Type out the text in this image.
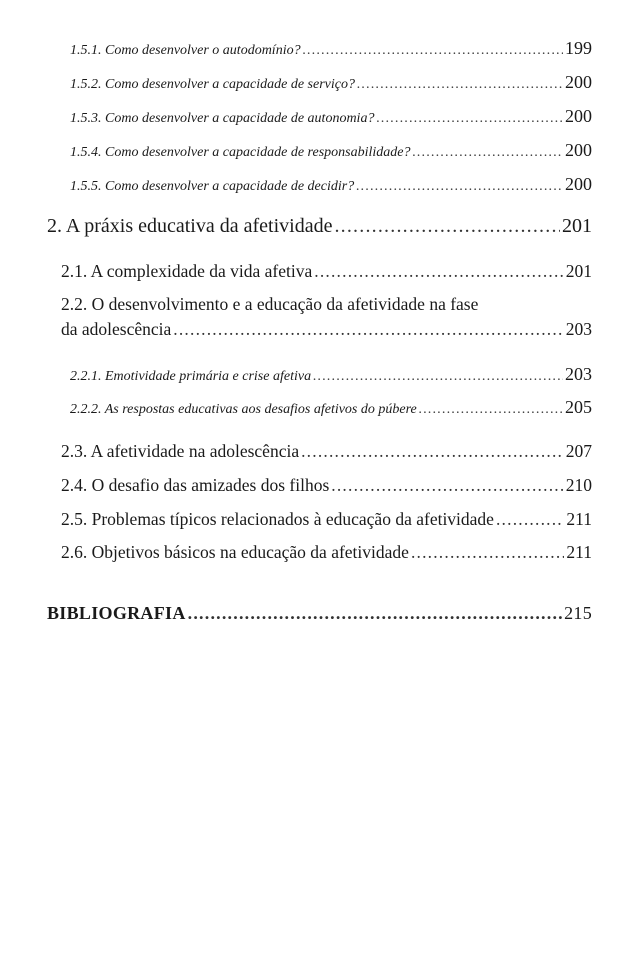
1.5.1. Como desenvolver o autodomínio? .....	199
1.5.2. Como desenvolver a capacidade de serviço? .....	200
1.5.3. Como desenvolver a capacidade de autonomia? .....	200
1.5.4. Como desenvolver a capacidade de responsabilidade? .....	200
1.5.5. Como desenvolver a capacidade de decidir? .....	200
2. A práxis educativa da afetividade .....	201
2.1. A complexidade da vida afetiva .....	201
2.2. O desenvolvimento e a educação da afetividade na fase
da adolescência .....	203
2.2.1. Emotividade primária e crise afetiva .....	203
2.2.2. As respostas educativas aos desafios afetivos do púbere .....	205
2.3. A afetividade na adolescência .....	207
2.4. O desafio das amizades dos filhos .....	210
2.5. Problemas típicos relacionados à educação da afetividade .....	211
2.6. Objetivos básicos na educação da afetividade .....	211
BIBLIOGRAFIA .....	215
